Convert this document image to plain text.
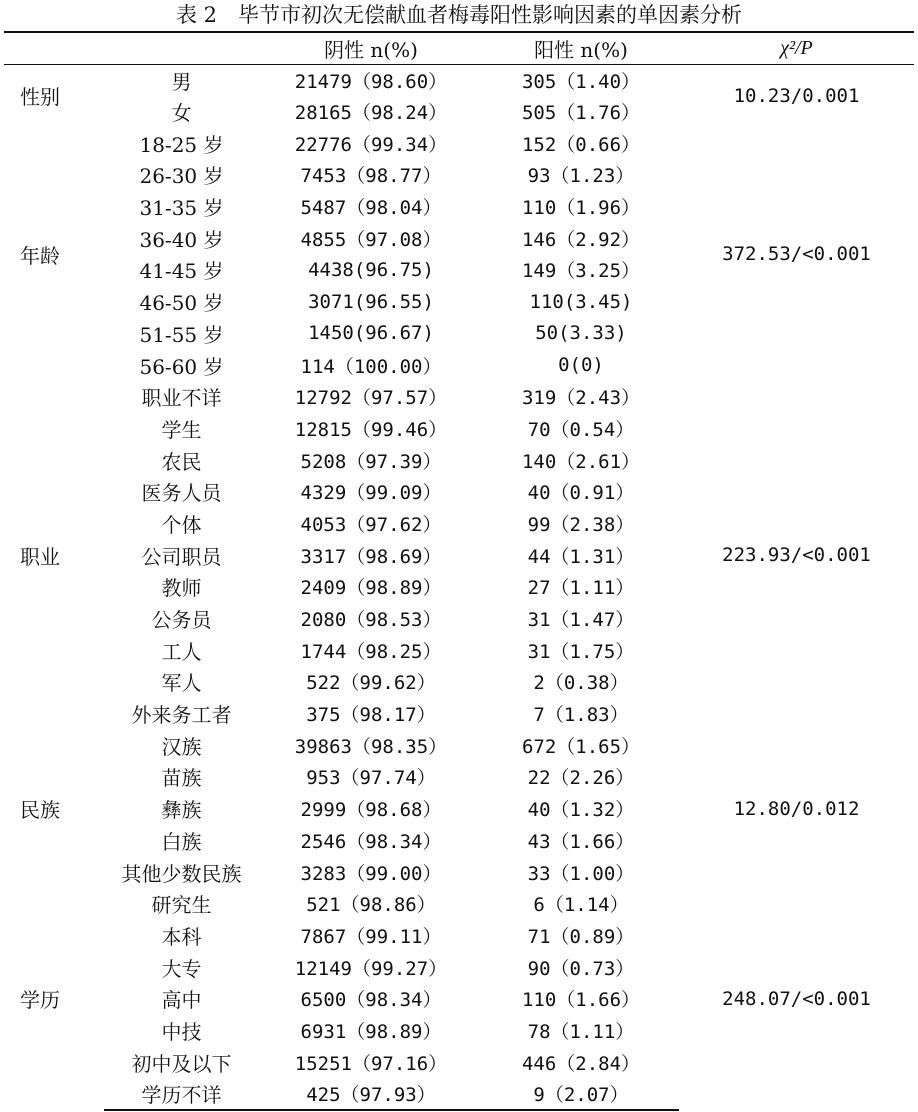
表 2　毕节市初次无偿献血者梅毒阳性影响因素的单因素分析
		阴性 n(%)	阳性 n(%)	χ²/P
性别	男	21479（98.60）	305（1.40）	10.23/0.001
	女	28165（98.24）	505（1.76）	
年龄	18-25 岁	22776（99.34）	152（0.66）	372.53/<0.001
	26-30 岁	7453（98.77）	93（1.23）	
	31-35 岁	5487（98.04）	110（1.96）	
	36-40 岁	4855（97.08）	146（2.92）	
	41-45 岁	4438(96.75)	149（3.25）	
	46-50 岁	3071(96.55)	110(3.45)	
	51-55 岁	1450(96.67)	50(3.33)	
	56-60 岁	114（100.00）	0(0)	
职业	职业不详	12792（97.57）	319（2.43）	223.93/<0.001
	学生	12815（99.46）	70（0.54）	
	农民	5208（97.39）	140（2.61）	
	医务人员	4329（99.09）	40（0.91）	
	个体	4053（97.62）	99（2.38）	
	公司职员	3317（98.69）	44（1.31）	
	教师	2409（98.89）	27（1.11）	
	公务员	2080（98.53）	31（1.47）	
	工人	1744（98.25）	31（1.75）	
	军人	522（99.62）	2（0.38）	
	外来务工者	375（98.17）	7（1.83）	
民族	汉族	39863（98.35）	672（1.65）	12.80/0.012
	苗族	953（97.74）	22（2.26）	
	彝族	2999（98.68）	40（1.32）	
	白族	2546（98.34）	43（1.66）	
	其他少数民族	3283（99.00）	33（1.00）	
学历	研究生	521（98.86）	6（1.14）	248.07/<0.001
	本科	7867（99.11）	71（0.89）	
	大专	12149（99.27）	90（0.73）	
	高中	6500（98.34）	110（1.66）	
	中技	6931（98.89）	78（1.11）	
	初中及以下	15251（97.16）	446（2.84）	
	学历不详	425（97.93）	9（2.07）	
